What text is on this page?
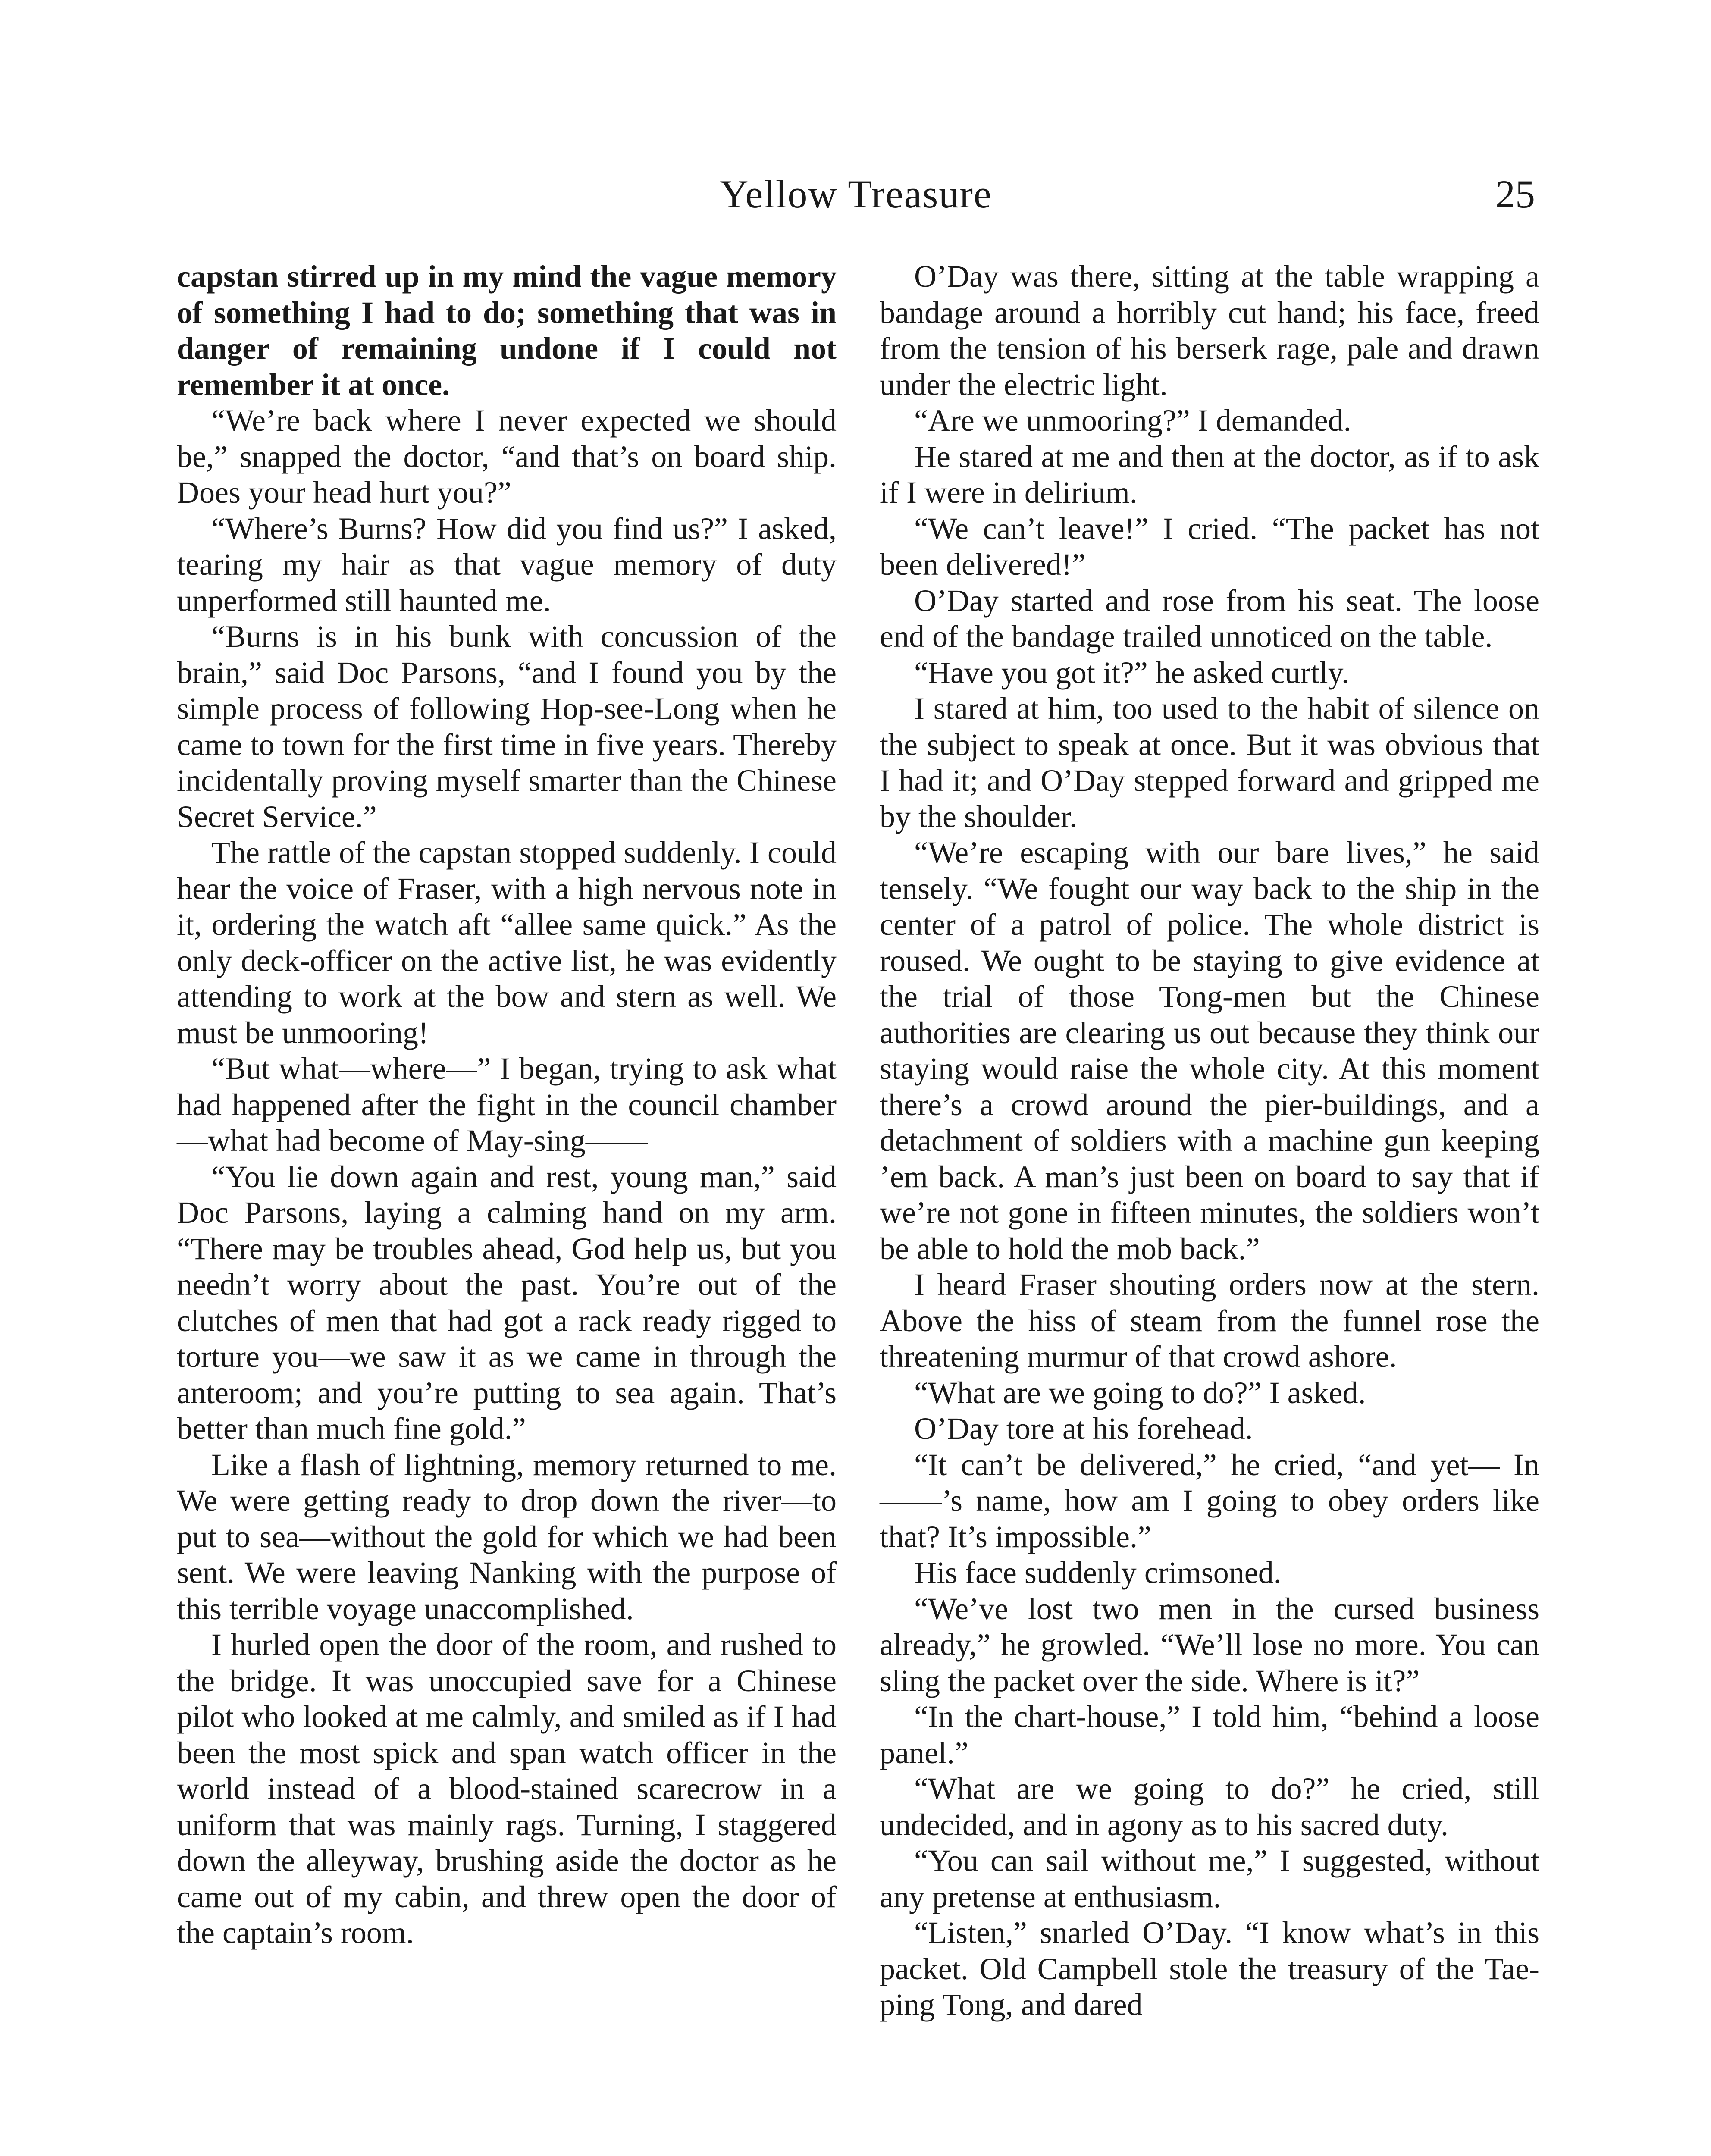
Yellow Treasure	25

capstan stirred up in my mind the vague memory of something I had to do; something that was in danger of remaining undone if I could not remember it at once.

“We’re back where I never expected we should be,” snapped the doctor, “and that’s on board ship. Does your head hurt you?”

“Where’s Burns? How did you find us?” I asked, tearing my hair as that vague memory of duty unperformed still haunted me.

“Burns is in his bunk with concussion of the brain,” said Doc Parsons, “and I found you by the simple process of following Hop-see-Long when he came to town for the first time in five years. Thereby incidentally proving myself smarter than the Chinese Secret Service.”

The rattle of the capstan stopped suddenly. I could hear the voice of Fraser, with a high nervous note in it, ordering the watch aft “allee same quick.” As the only deck-officer on the active list, he was evidently attending to work at the bow and stern as well. We must be unmooring!

“But what—where—” I began, trying to ask what had happened after the fight in the council chamber—what had become of May-sing——

“You lie down again and rest, young man,” said Doc Parsons, laying a calming hand on my arm. “There may be troubles ahead, God help us, but you needn’t worry about the past. You’re out of the clutches of men that had got a rack ready rigged to torture you—we saw it as we came in through the anteroom; and you’re putting to sea again. That’s better than much fine gold.”

Like a flash of lightning, memory returned to me. We were getting ready to drop down the river—to put to sea—without the gold for which we had been sent. We were leaving Nanking with the purpose of this terrible voyage unaccomplished.

I hurled open the door of the room, and rushed to the bridge. It was unoccupied save for a Chinese pilot who looked at me calmly, and smiled as if I had been the most spick and span watch officer in the world instead of a blood-stained scarecrow in a uniform that was mainly rags. Turning, I staggered down the alleyway, brushing aside the doctor as he came out of my cabin, and threw open the door of the captain’s room.

O’Day was there, sitting at the table wrapping a bandage around a horribly cut hand; his face, freed from the tension of his berserk rage, pale and drawn under the electric light.

“Are we unmooring?” I demanded.

He stared at me and then at the doctor, as if to ask if I were in delirium.

“We can’t leave!” I cried. “The packet has not been delivered!”

O’Day started and rose from his seat. The loose end of the bandage trailed unnoticed on the table.

“Have you got it?” he asked curtly.

I stared at him, too used to the habit of silence on the subject to speak at once. But it was obvious that I had it; and O’Day stepped forward and gripped me by the shoulder.

“We’re escaping with our bare lives,” he said tensely. “We fought our way back to the ship in the center of a patrol of police. The whole district is roused. We ought to be staying to give evidence at the trial of those Tong-men but the Chinese authorities are clearing us out because they think our staying would raise the whole city. At this moment there’s a crowd around the pier-buildings, and a detachment of soldiers with a machine gun keeping ’em back. A man’s just been on board to say that if we’re not gone in fifteen minutes, the soldiers won’t be able to hold the mob back.”

I heard Fraser shouting orders now at the stern. Above the hiss of steam from the funnel rose the threatening murmur of that crowd ashore.

“What are we going to do?” I asked.

O’Day tore at his forehead.

“It can’t be delivered,” he cried, “and yet— In ——’s name, how am I going to obey orders like that? It’s impossible.”

His face suddenly crimsoned.

“We’ve lost two men in the cursed business already,” he growled. “We’ll lose no more. You can sling the packet over the side. Where is it?”

“In the chart-house,” I told him, “behind a loose panel.”

“What are we going to do?” he cried, still undecided, and in agony as to his sacred duty.

“You can sail without me,” I suggested, without any pretense at enthusiasm.

“Listen,” snarled O’Day. “I know what’s in this packet. Old Campbell stole the treasury of the Tae-ping Tong, and dared
